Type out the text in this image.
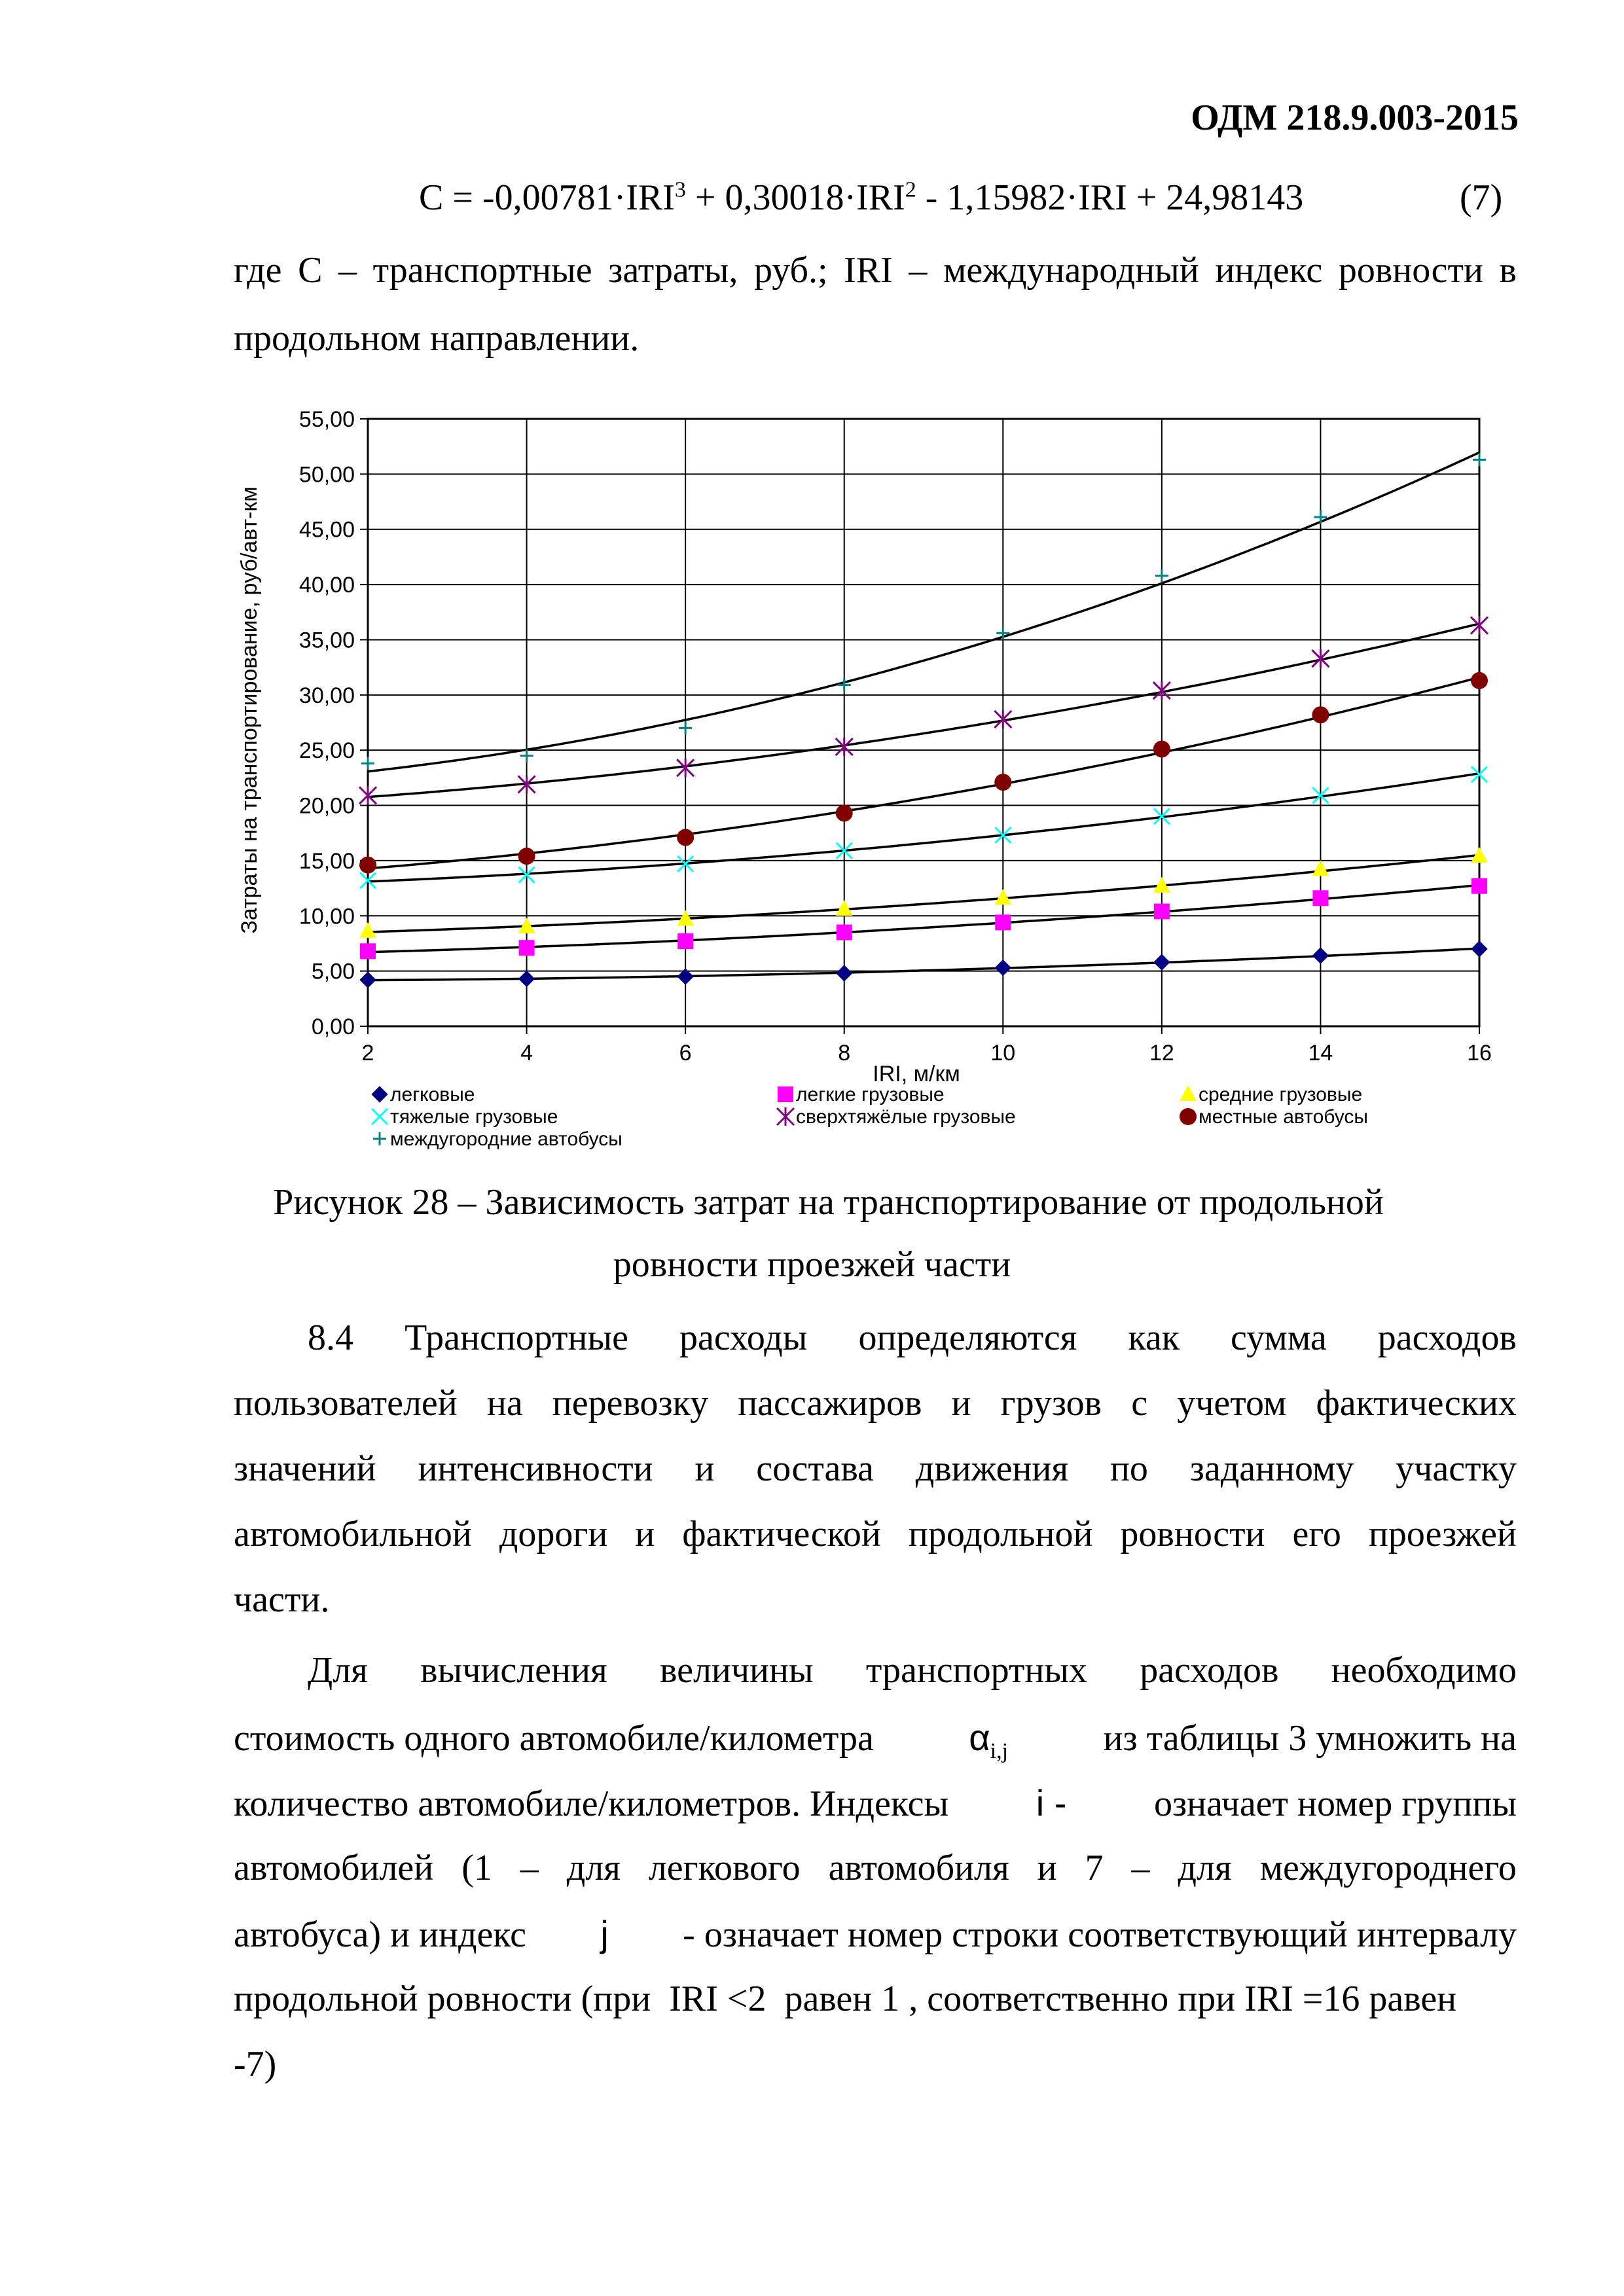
ОДМ 218.9.003-2015
$C = -0,00781\cdot IRI^3 + 0,30018\cdot IRI^2 - 1,15982\cdot IRI + 24,98143$	(7)
где С – транспортные затраты, руб.; IRI – международный индекс ровности в
продольном направлении.
0,00
5,00
10,00
15,00
20,00
25,00
30,00
35,00
40,00
45,00
50,00
55,00
2	4	6	8	10	12	14	16
Затраты на транспортирование, руб/авт-км
IRI, м/км
легковые	легкие грузовые	средние грузовые
тяжелые грузовые	сверхтяжёлые грузовые	местные автобусы
междугородние автобусы
Рисунок 28 – Зависимость затрат на транспортирование от продольной
ровности проезжей части
8.4 Транспортные расходы определяются как сумма расходов
пользователей на перевозку пассажиров и грузов с учетом фактических
значений интенсивности и состава движения по заданному участку
автомобильной дороги и фактической продольной ровности его проезжей
части.
Для вычисления величины транспортных расходов необходимо
стоимость одного автомобиле/километра	$\alpha_{i,j}$	из таблицы 3 умножить на
количество автомобиле/километров. Индексы i - означает номер группы
автомобилей (1 – для легкового автомобиля и 7 – для междугороднего
автобуса) и индекс j - означает номер строки соответствующий интервалу
продольной ровности (при  IRI <2  равен 1 , соответственно при IRI =16 равен
-7)
